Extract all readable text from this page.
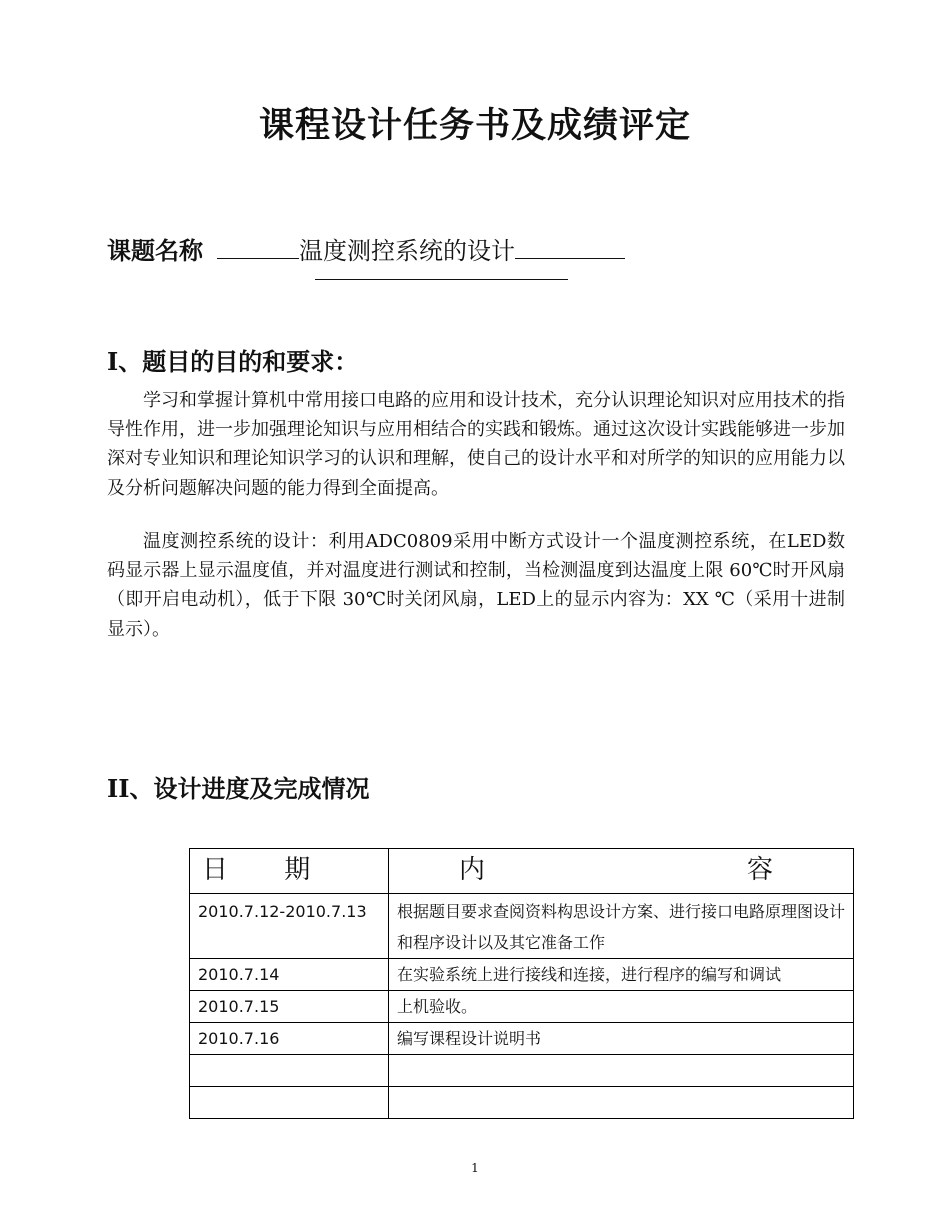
课程设计任务书及成绩评定
课题名称	温度测控系统的设计
I、题目的目的和要求：
学习和掌握计算机中常用接口电路的应用和设计技术，充分认识理论知识对应用技术的指导性作用，进一步加强理论知识与应用相结合的实践和锻炼。通过这次设计实践能够进一步加深对专业知识和理论知识学习的认识和理解，使自己的设计水平和对所学的知识的应用能力以及分析问题解决问题的能力得到全面提高。
温度测控系统的设计：利用ADC0809采用中断方式设计一个温度测控系统，在LED数码显示器上显示温度值，并对温度进行测试和控制，当检测温度到达温度上限 60℃时开风扇（即开启电动机），低于下限 30℃时关闭风扇，LED上的显示内容为：XX ℃（采用十进制显示）。
II、设计进度及完成情况
日 期	内 容

2010.7.12-2010.7.13	根据题目要求查阅资料构思设计方案、进行接口电路原理图设计和程序设计以及其它准备工作
2010.7.14	在实验系统上进行接线和连接，进行程序的编写和调试
2010.7.15	上机验收。
2010.7.16	编写课程设计说明书

1
